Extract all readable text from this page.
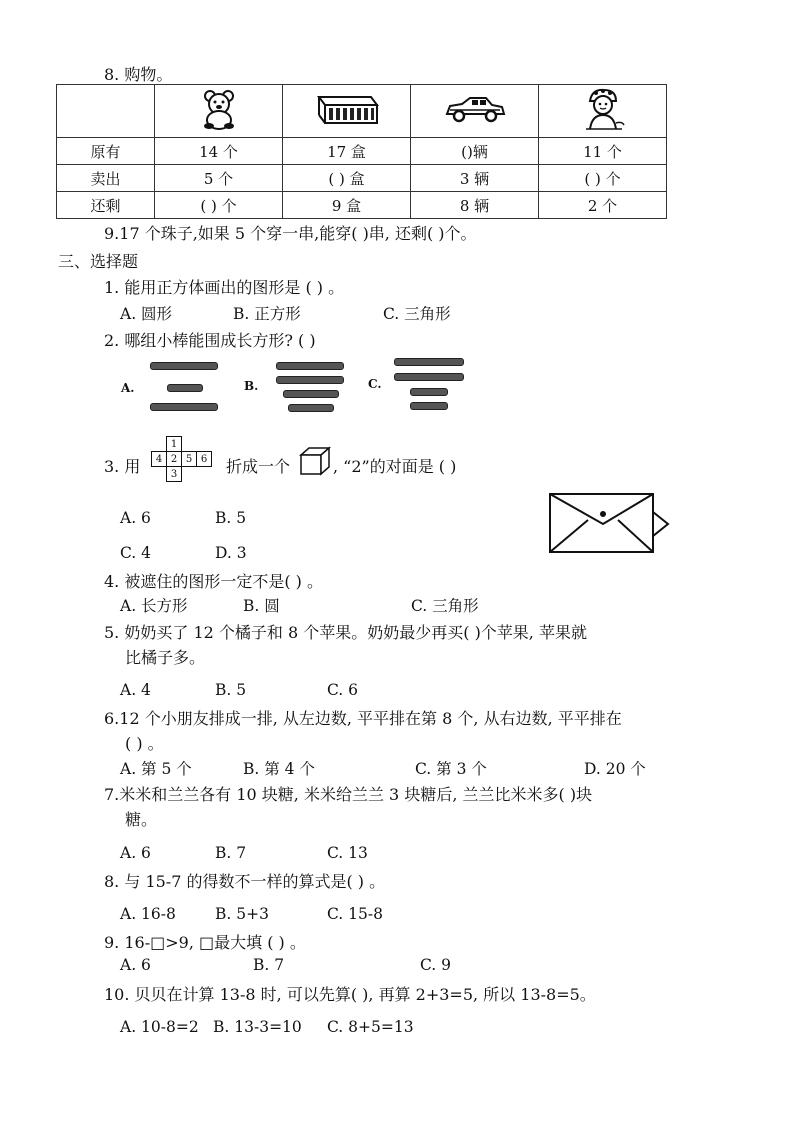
8. 购物。

原有	14 个	17 盒	()辆	11 个
卖出	5 个	( ) 盒	3 辆	( ) 个
还剩	( ) 个	9 盒	8 辆	2 个
9.17 个珠子,如果 5 个穿一串,能穿( )串, 还剩( )个。
三、选择题
1. 能用正方体画出的图形是 ( ) 。
A. 圆形	B. 正方形	C. 三角形
2. 哪组小棒能围成长方形? ( )
A.	B.	C.
3. 用
	1		
4	2	5	6
	3			折成一个	, “2”的对面是 ( )
A. 6	B. 5
C. 4	D. 3
4. 被遮住的图形一定不是( ) 。
A. 长方形	B. 圆	C. 三角形
5. 奶奶买了 12 个橘子和 8 个苹果。奶奶最少再买( )个苹果, 苹果就
比橘子多。
A. 4	B. 5	C. 6
6.12 个小朋友排成一排, 从左边数, 平平排在第 8 个, 从右边数, 平平排在
( ) 。
A. 第 5 个	B. 第 4 个	C. 第 3 个	D. 20 个
7.米米和兰兰各有 10 块糖, 米米给兰兰 3 块糖后, 兰兰比米米多( )块
糖。
A. 6	B. 7	C. 13
8. 与 15-7 的得数不一样的算式是( ) 。
A. 16-8	B. 5+3	C. 15-8
9. 16-□>9, □最大填 ( ) 。
A. 6	B. 7	C. 9
10. 贝贝在计算 13-8 时, 可以先算( ), 再算 2+3=5, 所以 13-8=5。
A. 10-8=2 B. 13-3=10 C. 8+5=13
